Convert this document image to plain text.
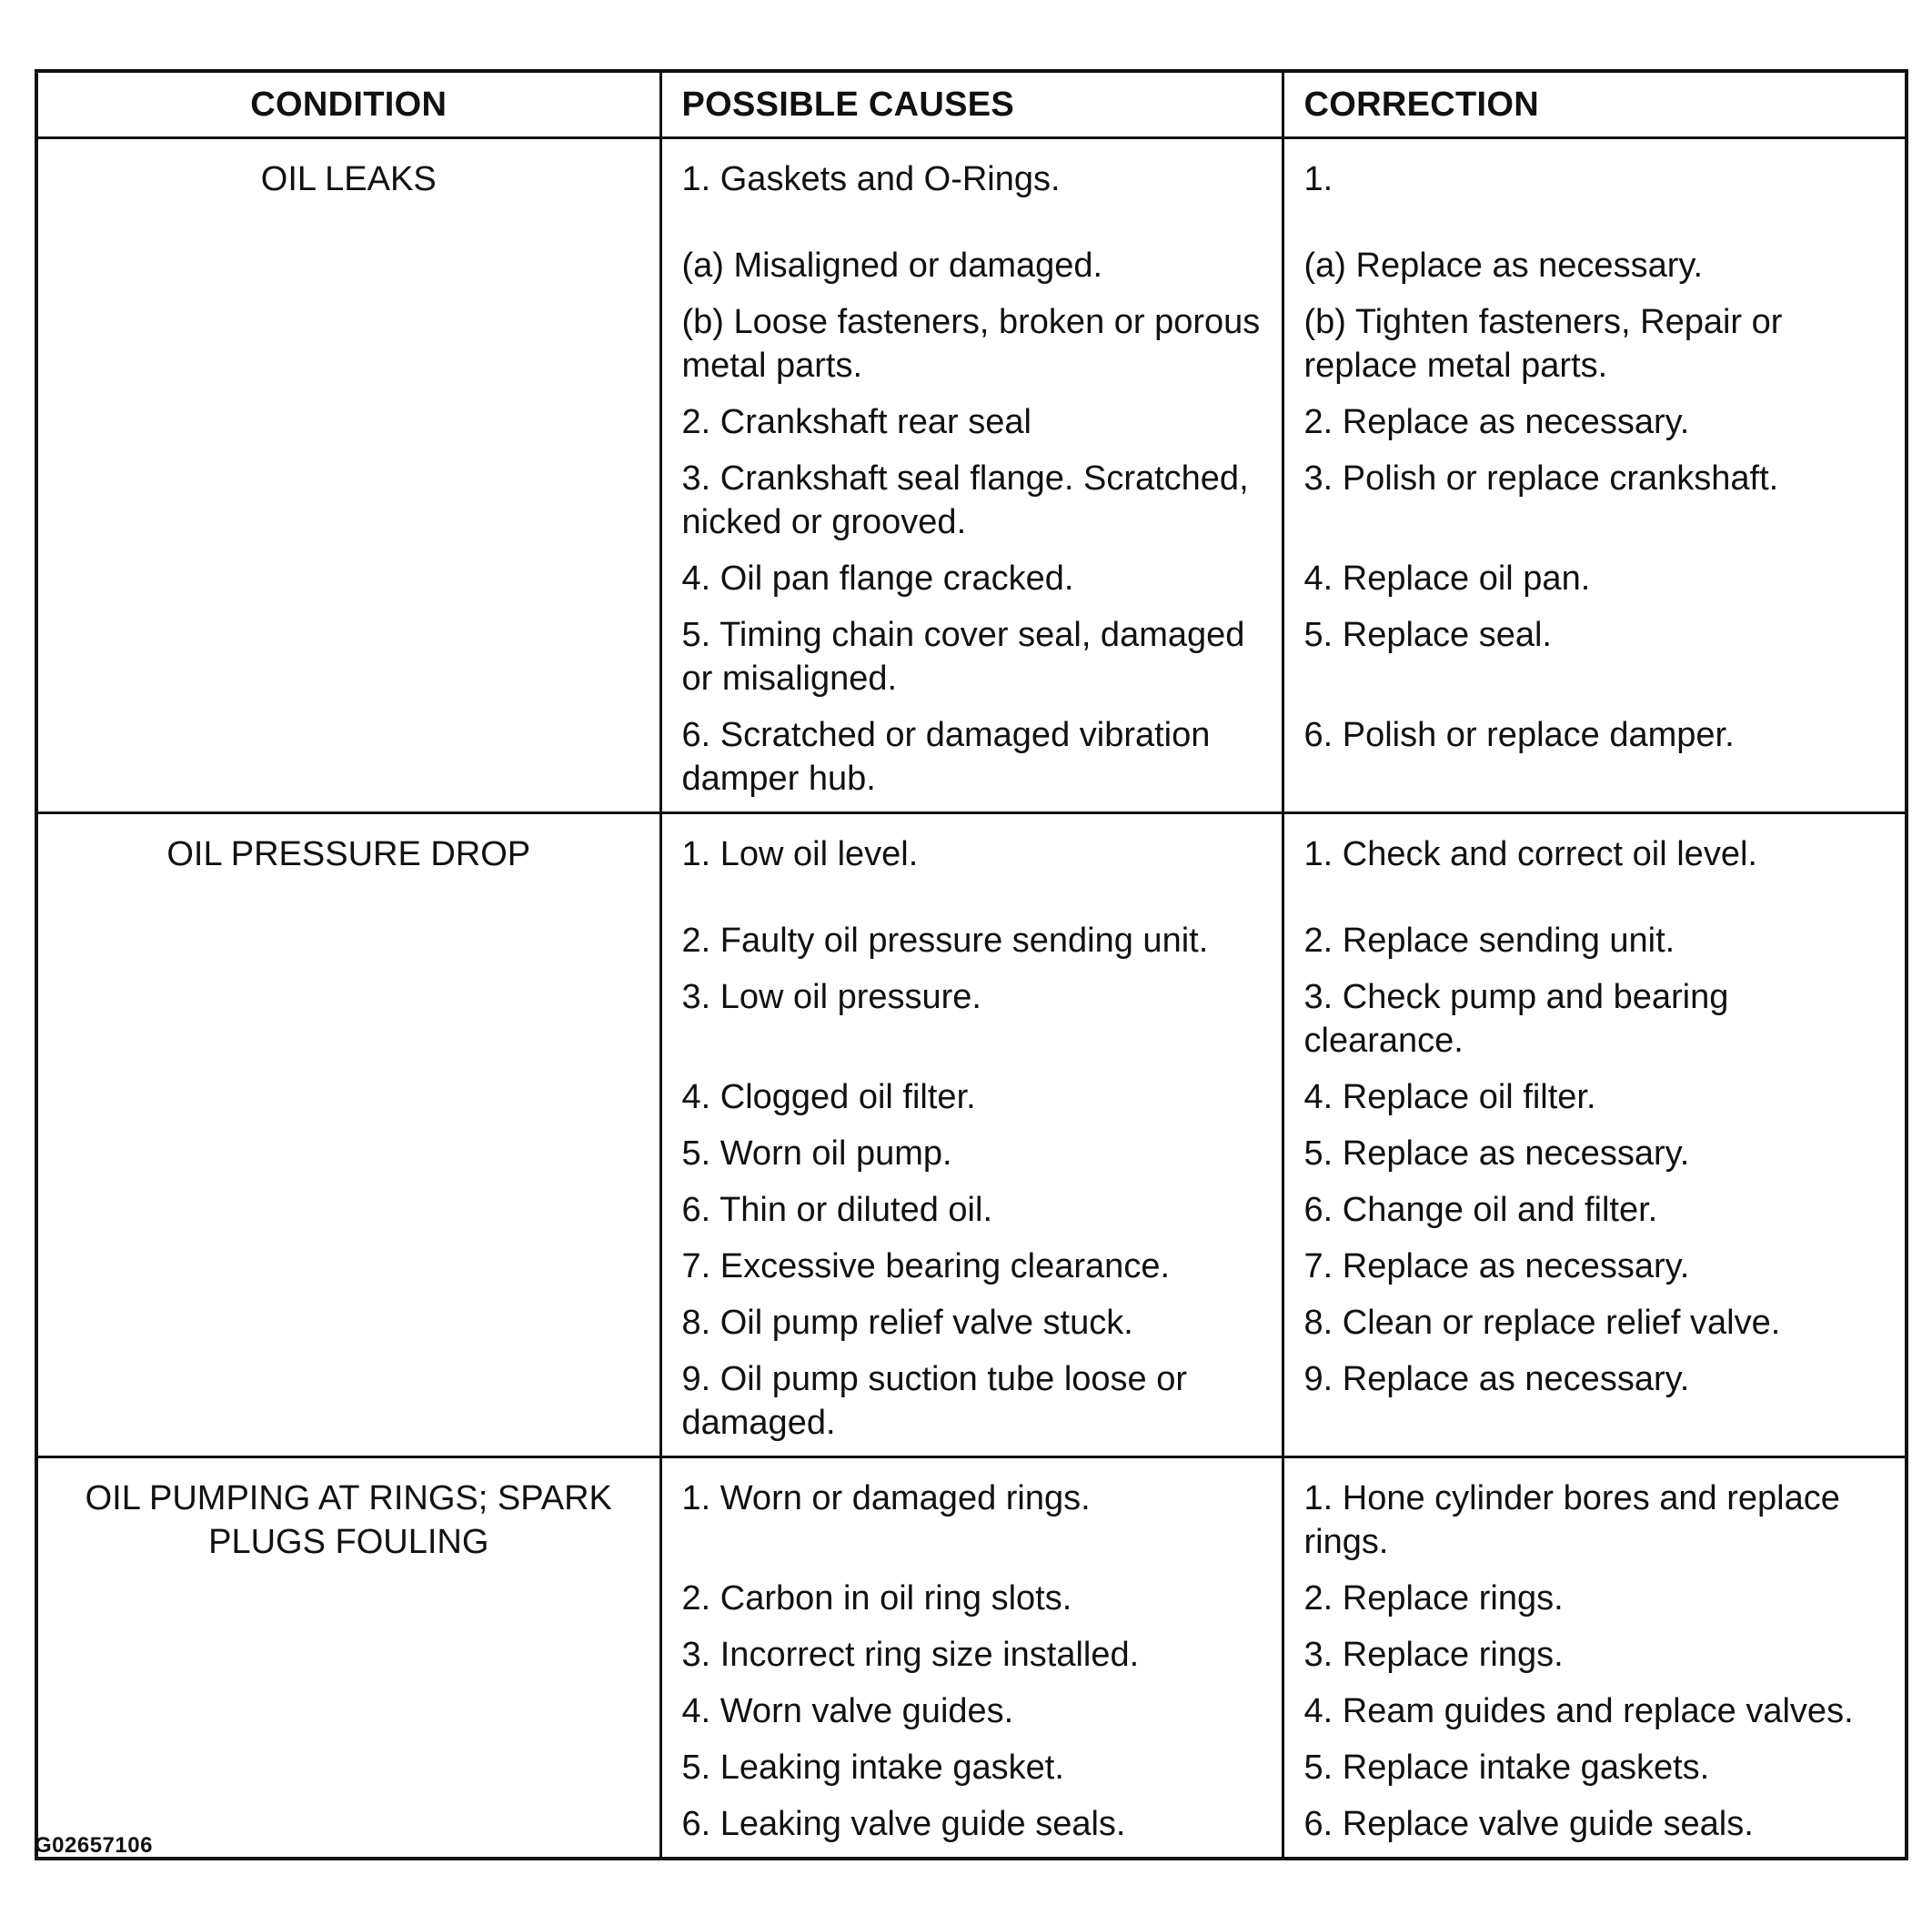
CONDITION	POSSIBLE CAUSES	CORRECTION
OIL LEAKS	1. Gaskets and O-Rings.	1.
	(a) Misaligned or damaged.	(a) Replace as necessary.
	(b) Loose fasteners, broken or porous metal parts.	(b) Tighten fasteners, Repair or replace metal parts.
	2. Crankshaft rear seal	2. Replace as necessary.
	3. Crankshaft seal flange. Scratched, nicked or grooved.	3. Polish or replace crankshaft.
	4. Oil pan flange cracked.	4. Replace oil pan.
	5. Timing chain cover seal, damaged or misaligned.	5. Replace seal.
	6. Scratched or damaged vibration damper hub.	6. Polish or replace damper.
OIL PRESSURE DROP	1. Low oil level.	1. Check and correct oil level.
	2. Faulty oil pressure sending unit.	2. Replace sending unit.
	3. Low oil pressure.	3. Check pump and bearing clearance.
	4. Clogged oil filter.	4. Replace oil filter.
	5. Worn oil pump.	5. Replace as necessary.
	6. Thin or diluted oil.	6. Change oil and filter.
	7. Excessive bearing clearance.	7. Replace as necessary.
	8. Oil pump relief valve stuck.	8. Clean or replace relief valve.
	9. Oil pump suction tube loose or damaged.	9. Replace as necessary.
OIL PUMPING AT RINGS; SPARK PLUGS FOULING	1. Worn or damaged rings.	1. Hone cylinder bores and replace rings.
	2. Carbon in oil ring slots.	2. Replace rings.
	3. Incorrect ring size installed.	3. Replace rings.
	4. Worn valve guides.	4. Ream guides and replace valves.
	5. Leaking intake gasket.	5. Replace intake gaskets.
	6. Leaking valve guide seals.	6. Replace valve guide seals.
G02657106
